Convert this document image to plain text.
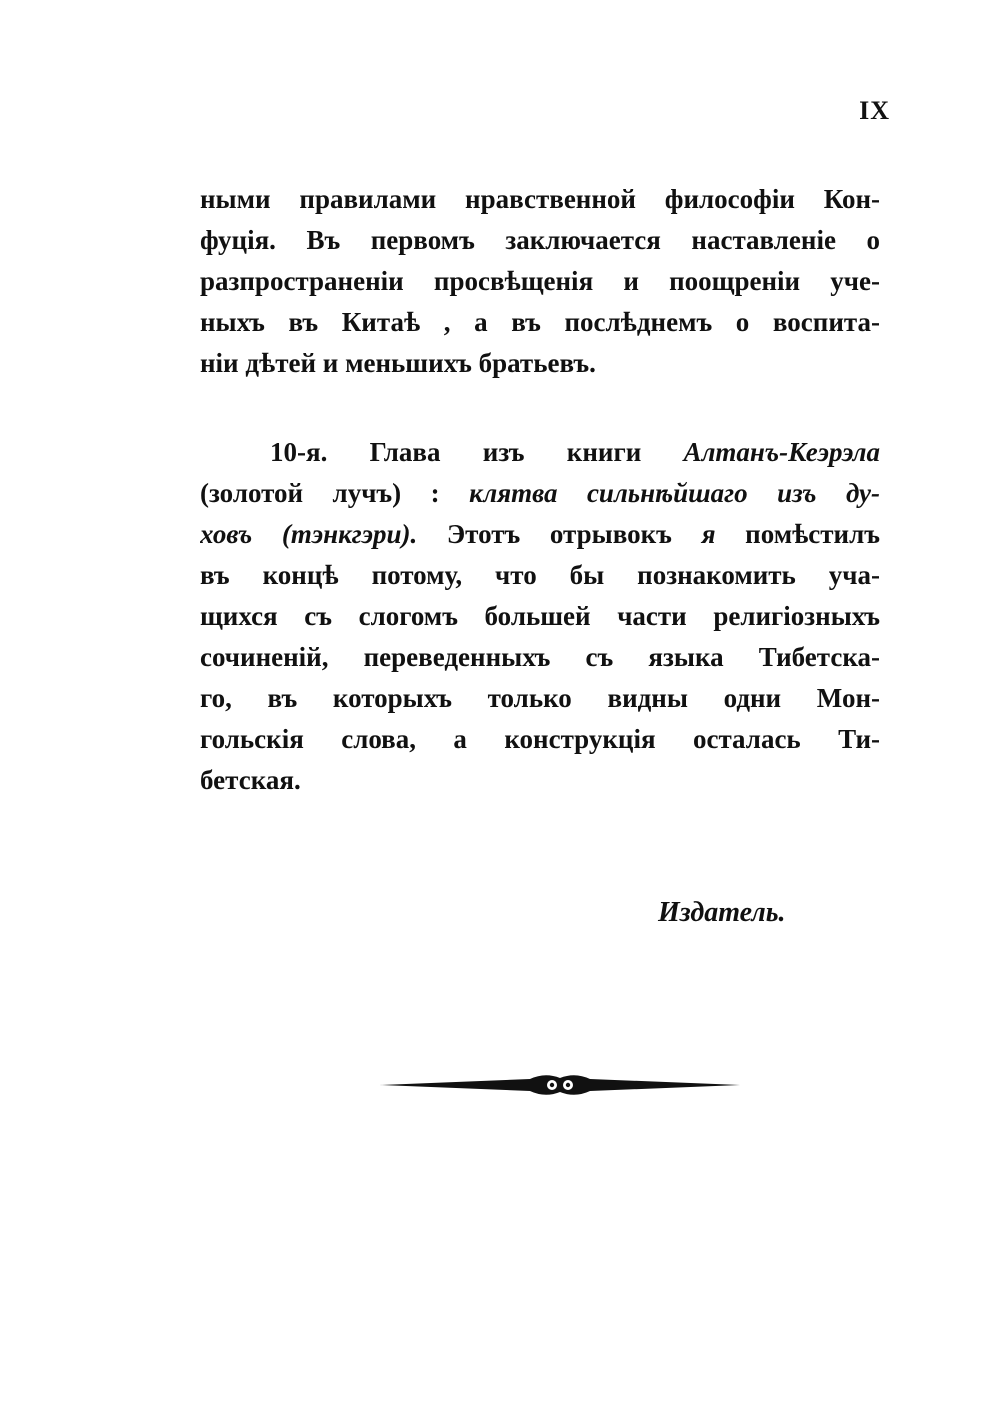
IX
ными правилами нравственной философіи Кон-
фуція. Въ первомъ заключается наставленіе о
разпространеніи просвѣщенія и поощреніи уче-
ныхъ въ Китаѣ , а въ послѣднемъ о воспита-
ніи дѣтей и меньшихъ братьевъ.
10-я. Глава изъ книги Алтанъ-Кеэрэла
(золотой лучъ) : клятва сильнѣйшаго изъ ду-
ховъ (тэнкгэри). Этотъ отрывокъ я помѣстилъ
въ концѣ потому, что бы познакомить уча-
щихся съ слогомъ большей части религіозныхъ
сочиненій, переведенныхъ съ языка Тибетска-
го, въ которыхъ только видны одни Мон-
гольскія слова, а конструкція осталась Ти-
бетская.
Издатель.
